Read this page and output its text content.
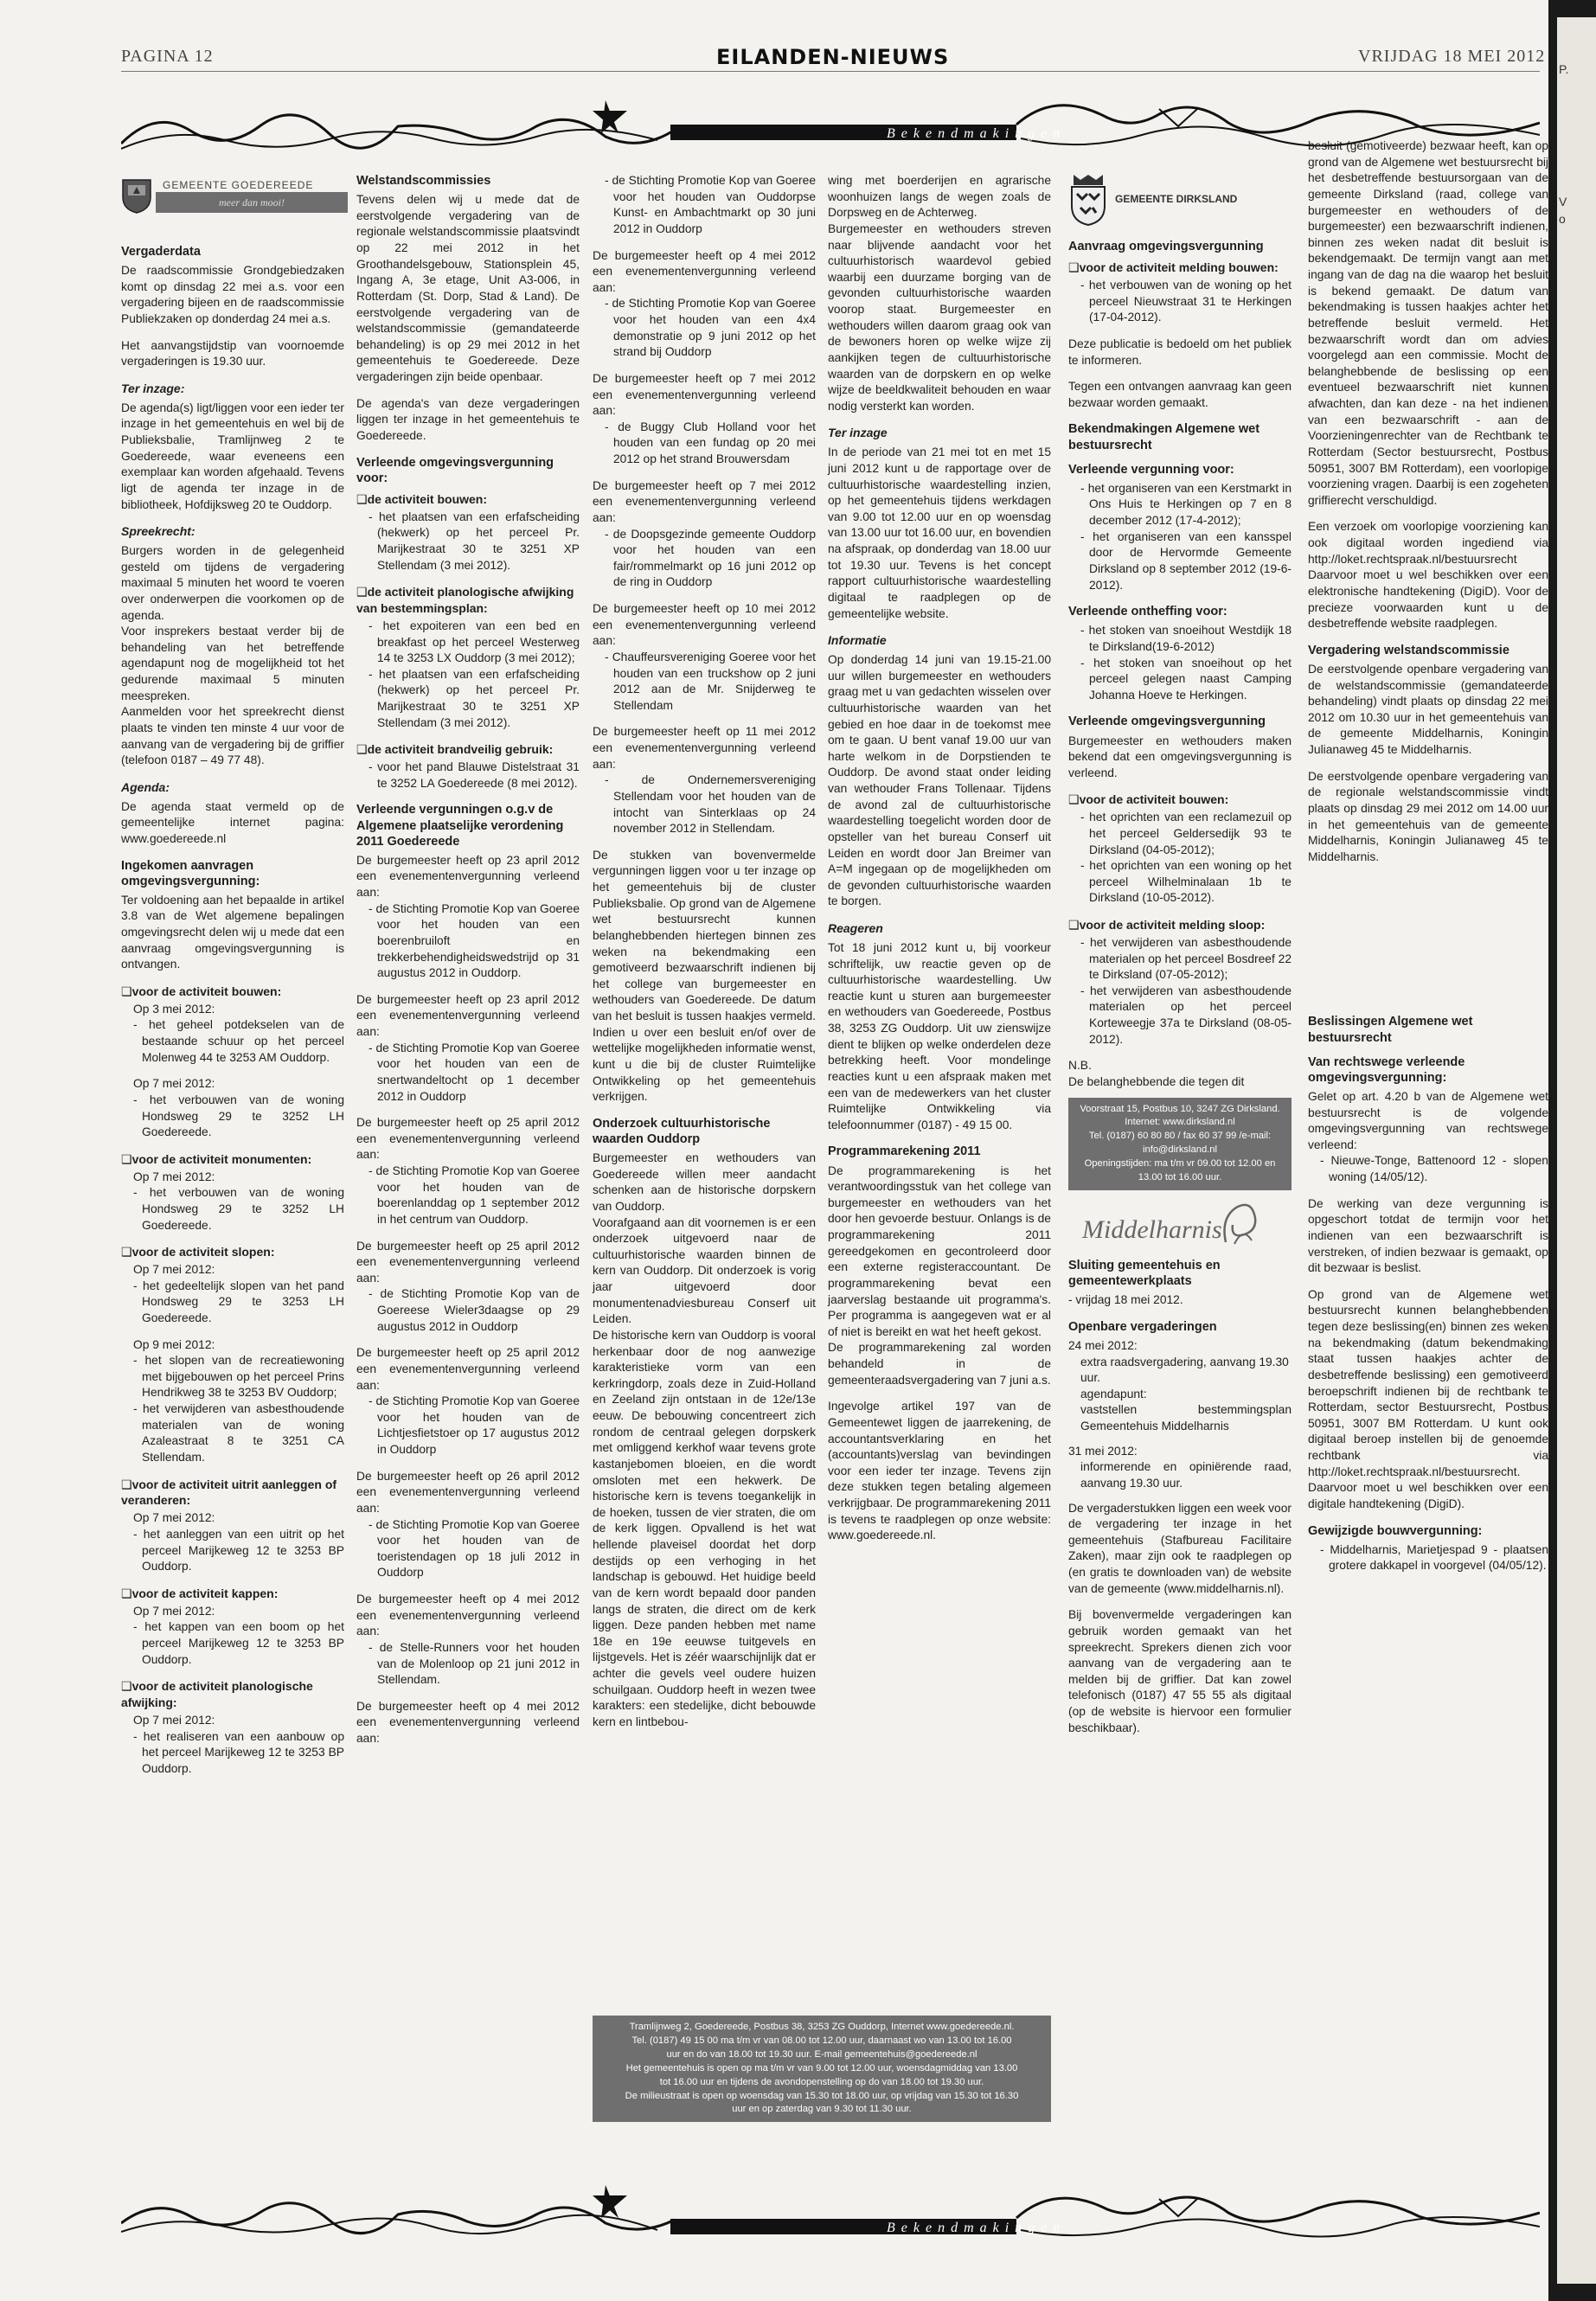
PAGINA 12	EILANDEN-NIEUWS	VRIJDAG 18 MEI 2012
Bekendmakingen
GEMEENTE GOEDEREEDE
meer dan mooi!
Vergaderdata

De raadscommissie Grondgebiedzaken komt op dinsdag 22 mei a.s. voor een vergadering bijeen en de raadscommissie Publiekzaken op donderdag 24 mei a.s.

Het aanvangstijdstip van voornoemde vergaderingen is 19.30 uur.

Ter inzage:

De agenda(s) ligt/liggen voor een ieder ter inzage in het gemeentehuis en wel bij de Publieksbalie, Tramlijnweg 2 te Goedereede, waar eveneens een exemplaar kan worden afgehaald. Tevens ligt de agenda ter inzage in de bibliotheek, Hofdijksweg 20 te Ouddorp.

Spreekrecht:

Burgers worden in de gelegenheid gesteld om tijdens de vergadering maximaal 5 minuten het woord te voeren over onderwerpen die voorkomen op de agenda.

Voor insprekers bestaat verder bij de behandeling van het betreffende agendapunt nog de mogelijkheid tot het gedurende maximaal 5 minuten meespreken.

Aanmelden voor het spreekrecht dienst plaats te vinden ten minste 4 uur voor de aanvang van de vergadering bij de griffier (telefoon 0187 – 49 77 48).

Agenda:

De agenda staat vermeld op de gemeentelijke internet pagina: www.goedereede.nl

Ingekomen aanvragen omgevingsvergunning:

Ter voldoening aan het bepaalde in artikel 3.8 van de Wet algemene bepalingen omgevingsrecht delen wij u mede dat een aanvraag omgevingsvergunning is ontvangen.

❑ voor de activiteit bouwen:
Op 3 mei 2012:

- het geheel potdekselen van de bestaande schuur op het perceel Molenweg 44 te 3253 AM Ouddorp.

Op 7 mei 2012:

- het verbouwen van de woning Hondsweg 29 te 3252 LH Goedereede.

❑ voor de activiteit monumenten:
Op 7 mei 2012:

- het verbouwen van de woning Hondsweg 29 te 3252 LH Goedereede.

❑ voor de activiteit slopen:
Op 7 mei 2012:

- het gedeeltelijk slopen van het pand Hondsweg 29 te 3253 LH Goedereede.

Op 9 mei 2012:

- het slopen van de recreatiewoning met bijgebouwen op het perceel Prins Hendrikweg 38 te 3253 BV Ouddorp;

- het verwijderen van asbesthoudende materialen van de woning Azaleastraat 8 te 3251 CA Stellendam.

❑ voor de activiteit uitrit aanleggen of veranderen:
Op 7 mei 2012:

- het aanleggen van een uitrit op het perceel Marijkeweg 12 te 3253 BP Ouddorp.

❑ voor de activiteit kappen:
Op 7 mei 2012:

- het kappen van een boom op het perceel Marijkeweg 12 te 3253 BP Ouddorp.

❑ voor de activiteit planologische afwijking:
Op 7 mei 2012:

- het realiseren van een aanbouw op het perceel Marijkeweg 12 te 3253 BP Ouddorp.

Welstandscommissies

Tevens delen wij u mede dat de eerstvolgende vergadering van de regionale welstandscommissie plaatsvindt op 22 mei 2012 in het Groothandelsgebouw, Stationsplein 45, Ingang A, 3e etage, Unit A3-006, in Rotterdam (St. Dorp, Stad & Land). De eerstvolgende vergadering van de welstandscommissie (gemandateerde behandeling) is op 29 mei 2012 in het gemeentehuis te Goedereede. Deze vergaderingen zijn beide openbaar.

De agenda's van deze vergaderingen liggen ter inzage in het gemeentehuis te Goedereede.

Verleende omgevingsvergunning voor:
❑ de activiteit bouwen:

- het plaatsen van een erfafscheiding (hekwerk) op het perceel Pr. Marijkestraat 30 te 3251 XP Stellendam (3 mei 2012).

❑ de activiteit planologische afwijking van bestemmingsplan:

- het expoiteren van een bed en breakfast op het perceel Westerweg 14 te 3253 LX Ouddorp (3 mei 2012);

- het plaatsen van een erfafscheiding (hekwerk) op het perceel Pr. Marijkestraat 30 te 3251 XP Stellendam (3 mei 2012).

❑ de activiteit brandveilig gebruik:

- voor het pand Blauwe Distelstraat 31 te 3252 LA Goedereede (8 mei 2012).

Verleende vergunningen o.g.v de Algemene plaatselijke verordening 2011 Goedereede

De burgemeester heeft op 23 april 2012 een evenementenvergunning verleend aan:

- de Stichting Promotie Kop van Goeree voor het houden van een boerenbruiloft en trekkerbehendigheidswedstrijd op 31 augustus 2012 in Ouddorp.

De burgemeester heeft op 23 april 2012 een evenementenvergunning verleend aan:

- de Stichting Promotie Kop van Goeree voor het houden van een de snertwandeltocht op 1 december 2012 in Ouddorp

De burgemeester heeft op 25 april 2012 een evenementenvergunning verleend aan:

- de Stichting Promotie Kop van Goeree voor het houden van de boerenlanddag op 1 september 2012 in het centrum van Ouddorp.

De burgemeester heeft op 25 april 2012 een evenementenvergunning verleend aan:

- de Stichting Promotie Kop van de Goereese Wieler3daagse op 29 augustus 2012 in Ouddorp

De burgemeester heeft op 25 april 2012 een evenementenvergunning verleend aan:

- de Stichting Promotie Kop van Goeree voor het houden van de Lichtjesfietstoer op 17 augustus 2012 in Ouddorp

De burgemeester heeft op 26 april 2012 een evenementenvergunning verleend aan:

- de Stichting Promotie Kop van Goeree voor het houden van de toeristendagen op 18 juli 2012 in Ouddorp

De burgemeester heeft op 4 mei 2012 een evenementenvergunning verleend aan:

- de Stelle-Runners voor het houden van de Molenloop op 21 juni 2012 in Stellendam.

De burgemeester heeft op 4 mei 2012 een evenementenvergunning verleend aan:

- de Stichting Promotie Kop van Goeree voor het houden van Ouddorpse Kunst- en Ambachtmarkt op 30 juni 2012 in Ouddorp

De burgemeester heeft op 4 mei 2012 een evenementenvergunning verleend aan:

- de Stichting Promotie Kop van Goeree voor het houden van een 4x4 demonstratie op 9 juni 2012 op het strand bij Ouddorp

De burgemeester heeft op 7 mei 2012 een evenementenvergunning verleend aan:

- de Buggy Club Holland voor het houden van een fundag op 20 mei 2012 op het strand Brouwersdam

De burgemeester heeft op 7 mei 2012 een evenementenvergunning verleend aan:

- de Doopsgezinde gemeente Ouddorp voor het houden van een fair/rommelmarkt op 16 juni 2012 op de ring in Ouddorp

De burgemeester heeft op 10 mei 2012 een evenementenvergunning verleend aan:

- Chauffeursvereniging Goeree voor het houden van een truckshow op 2 juni 2012 aan de Mr. Snijderweg te Stellendam

De burgemeester heeft op 11 mei 2012 een evenementenvergunning verleend aan:

- de Ondernemersvereniging Stellendam voor het houden van de intocht van Sinterklaas op 24 november 2012 in Stellendam.

De stukken van bovenvermelde vergunningen liggen voor u ter inzage op het gemeentehuis bij de cluster Publieksbalie. Op grond van de Algemene wet bestuursrecht kunnen belanghebbenden hiertegen binnen zes weken na bekendmaking een gemotiveerd bezwaarschrift indienen bij het college van burgemeester en wethouders van Goedereede. De datum van het besluit is tussen haakjes vermeld. Indien u over een besluit en/of over de wettelijke mogelijkheden informatie wenst, kunt u die bij de cluster Ruimtelijke Ontwikkeling op het gemeentehuis verkrijgen.

Onderzoek cultuurhistorische waarden Ouddorp

Burgemeester en wethouders van Goedereede willen meer aandacht schenken aan de historische dorpskern van Ouddorp.

Voorafgaand aan dit voornemen is er een onderzoek uitgevoerd naar de cultuurhistorische waarden binnen de kern van Ouddorp. Dit onderzoek is vorig jaar uitgevoerd door monumentenadviesbureau Conserf uit Leiden.

De historische kern van Ouddorp is vooral herkenbaar door de nog aanwezige karakteristieke vorm van een kerkringdorp, zoals deze in Zuid-Holland en Zeeland zijn ontstaan in de 12e/13e eeuw. De bebouwing concentreert zich rondom de centraal gelegen dorpskerk met omliggend kerkhof waar tevens grote kastanjebomen bloeien, en die wordt omsloten met een hekwerk. De historische kern is tevens toegankelijk in de hoeken, tussen de vier straten, die om de kerk liggen. Opvallend is het wat hellende plaveisel doordat het dorp destijds op een verhoging in het landschap is gebouwd. Het huidige beeld van de kern wordt bepaald door panden langs de straten, die direct om de kerk liggen. Deze panden hebben met name 18e en 19e eeuwse tuitgevels en lijstgevels. Het is zéér waarschijnlijk dat er achter die gevels veel oudere huizen schuilgaan. Ouddorp heeft in wezen twee karakters: een stedelijke, dicht bebouwde kern en lintbebou-

wing met boerderijen en agrarische woonhuizen langs de wegen zoals de Dorpsweg en de Achterweg.

Burgemeester en wethouders streven naar blijvende aandacht voor het cultuurhistorisch waardevol gebied waarbij een duurzame borging van de gevonden cultuurhistorische waarden voorop staat. Burgemeester en wethouders willen daarom graag ook van de bewoners horen op welke wijze zij aankijken tegen de cultuurhistorische waarden van de dorpskern en op welke wijze de beeldkwaliteit behouden en waar nodig versterkt kan worden.

Ter inzage

In de periode van 21 mei tot en met 15 juni 2012 kunt u de rapportage over de cultuurhistorische waardestelling inzien, op het gemeentehuis tijdens werkdagen van 9.00 tot 12.00 uur en op woensdag van 13.00 uur tot 16.00 uur, en bovendien na afspraak, op donderdag van 18.00 uur tot 19.30 uur. Tevens is het concept rapport cultuurhistorische waardestelling digitaal te raadplegen op de gemeentelijke website.

Informatie

Op donderdag 14 juni van 19.15-21.00 uur willen burgemeester en wethouders graag met u van gedachten wisselen over cultuurhistorische waarden van het gebied en hoe daar in de toekomst mee om te gaan. U bent vanaf 19.00 uur van harte welkom in de Dorpstienden te Ouddorp. De avond staat onder leiding van wethouder Frans Tollenaar. Tijdens de avond zal de cultuurhistorische waardestelling toegelicht worden door de opsteller van het bureau Conserf uit Leiden en wordt door Jan Breimer van A=M ingegaan op de mogelijkheden om de gevonden cultuurhistorische waarden te borgen.

Reageren

Tot 18 juni 2012 kunt u, bij voorkeur schriftelijk, uw reactie geven op de cultuurhistorische waardestelling. Uw reactie kunt u sturen aan burgemeester en wethouders van Goedereede, Postbus 38, 3253 ZG Ouddorp. Uit uw zienswijze dient te blijken op welke onderdelen deze betrekking heeft. Voor mondelinge reacties kunt u een afspraak maken met een van de medewerkers van het cluster Ruimtelijke Ontwikkeling via telefoonnummer (0187) - 49 15 00.

Programmarekening 2011

De programmarekening is het verantwoordingsstuk van het college van burgemeester en wethouders van het door hen gevoerde bestuur. Onlangs is de programmarekening 2011 gereedgekomen en gecontroleerd door een externe registeraccountant. De programmarekening bevat een jaarverslag bestaande uit programma's. Per programma is aangegeven wat er al of niet is bereikt en wat het heeft gekost.

De programmarekening zal worden behandeld in de gemeenteraadsvergadering van 7 juni a.s.

Ingevolge artikel 197 van de Gemeentewet liggen de jaarrekening, de accountantsverklaring en het (accountants)verslag van bevindingen voor een ieder ter inzage. Tevens zijn deze stukken tegen betaling algemeen verkrijgbaar. De programmarekening 2011 is tevens te raadplegen op onze website: www.goedereede.nl.

Tramlijnweg 2, Goedereede, Postbus 38, 3253 ZG Ouddorp, Internet www.goedereede.nl.
Tel. (0187) 49 15 00 ma t/m vr van 08.00 tot 12.00 uur, daarnaast wo van 13.00 tot 16.00
uur en do van 18.00 tot 19.30 uur. E-mail gemeentehuis@goedereede.nl
Het gemeentehuis is open op ma t/m vr van 9.00 tot 12.00 uur, woensdagmiddag van 13.00
tot 16.00 uur en tijdens de avondopenstelling op do van 18.00 tot 19.30 uur.
De milieustraat is open op woensdag van 15.30 tot 18.00 uur, op vrijdag van 15.30 tot 16.30
uur en op zaterdag van 9.30 tot 11.30 uur.
GEMEENTE DIRKSLAND
Aanvraag omgevingsvergunning
❑ voor de activiteit melding bouwen:

- het verbouwen van de woning op het perceel Nieuwstraat 31 te Herkingen (17-04-2012).

Deze publicatie is bedoeld om het publiek te informeren.

Tegen een ontvangen aanvraag kan geen bezwaar worden gemaakt.

Bekendmakingen Algemene wet bestuursrecht
Verleende vergunning voor:

- het organiseren van een Kerstmarkt in Ons Huis te Herkingen op 7 en 8 december 2012 (17-4-2012);

- het organiseren van een kansspel door de Hervormde Gemeente Dirksland op 8 september 2012 (19-6-2012).

Verleende ontheffing voor:

- het stoken van snoeihout Westdijk 18 te Dirksland(19-6-2012)

- het stoken van snoeihout op het perceel gelegen naast Camping Johanna Hoeve te Herkingen.

Verleende omgevingsvergunning

Burgemeester en wethouders maken bekend dat een omgevingsvergunning is verleend.

❑ voor de activiteit bouwen:

- het oprichten van een reclamezuil op het perceel Geldersedijk 93 te Dirksland (04-05-2012);

- het oprichten van een woning op het perceel Wilhelminalaan 1b te Dirksland (10-05-2012).

❑ voor de activiteit melding sloop:

- het verwijderen van asbesthoudende materialen op het perceel Bosdreef 22 te Dirksland (07-05-2012);

- het verwijderen van asbesthoudende materialen op het perceel Korteweegje 37a te Dirksland (08-05-2012).

N.B.
De belanghebbende die tegen dit
Voorstraat 15, Postbus 10, 3247 ZG Dirksland. Internet: www.dirksland.nl
Tel. (0187) 60 80 80 / fax 60 37 99 /e-mail: info@dirksland.nl
Openingstijden: ma t/m vr 09.00 tot 12.00 en 13.00 tot 16.00 uur.
Middelharnis
Sluiting gemeentehuis en gemeentewerkplaats

- vrijdag 18 mei 2012.

Openbare vergaderingen
24 mei 2012:
extra raadsvergadering, aanvang 19.30 uur.
agendapunt:

vaststellen bestemmingsplan Gemeentehuis Middelharnis

31 mei 2012:

informerende en opiniërende raad, aanvang 19.30 uur.

De vergaderstukken liggen een week voor de vergadering ter inzage in het gemeentehuis (Stafbureau Facilitaire Zaken), maar zijn ook te raadplegen op (en gratis te downloaden van) de website van de gemeente (www.middelharnis.nl).

Bij bovenvermelde vergaderingen kan gebruik worden gemaakt van het spreekrecht. Sprekers dienen zich voor aanvang van de vergadering aan te melden bij de griffier. Dat kan zowel telefonisch (0187) 47 55 55 als digitaal (op de website is hiervoor een formulier beschikbaar).

besluit (gemotiveerde) bezwaar heeft, kan op grond van de Algemene wet bestuursrecht bij het desbetreffende bestuursorgaan van de gemeente Dirksland (raad, college van burgemeester en wethouders of de burgemeester) een bezwaarschrift indienen, binnen zes weken nadat dit besluit is bekendgemaakt. De termijn vangt aan met ingang van de dag na die waarop het besluit is bekend gemaakt. De datum van bekendmaking is tussen haakjes achter het betreffende besluit vermeld. Het bezwaarschrift wordt dan om advies voorgelegd aan een commissie. Mocht de belanghebbende de beslissing op een eventueel bezwaarschrift niet kunnen afwachten, dan kan deze - na het indienen van een bezwaarschrift - aan de Voorzieningenrechter van de Rechtbank te Rotterdam (Sector bestuursrecht, Postbus 50951, 3007 BM Rotterdam), een voorlopige voorziening vragen. Daarbij is een zogeheten griffierecht verschuldigd.

Een verzoek om voorlopige voorziening kan ook digitaal worden ingediend via http://loket.rechtspraak.nl/bestuursrecht Daarvoor moet u wel beschikken over een elektronische handtekening (DigiD). Voor de precieze voorwaarden kunt u de desbetreffende website raadplegen.

Vergadering welstandscommissie

De eerstvolgende openbare vergadering van de welstandscommissie (gemandateerde behandeling) vindt plaats op dinsdag 22 mei 2012 om 10.30 uur in het gemeentehuis van de gemeente Middelharnis, Koningin Julianaweg 45 te Middelharnis.

De eerstvolgende openbare vergadering van de regionale welstandscommissie vindt plaats op dinsdag 29 mei 2012 om 14.00 uur in het gemeentehuis van de gemeente Middelharnis, Koningin Julianaweg 45 te Middelharnis.

Beslissingen Algemene wet bestuursrecht
Van rechtswege verleende omgevingsvergunning:

Gelet op art. 4.20 b van de Algemene wet bestuursrecht is de volgende omgevingsvergunning van rechtswege verleend:

- Nieuwe-Tonge, Battenoord 12 - slopen woning (14/05/12).

De werking van deze vergunning is opgeschort totdat de termijn voor het indienen van een bezwaarschrift is verstreken, of indien bezwaar is gemaakt, op dit bezwaar is beslist.

Op grond van de Algemene wet bestuursrecht kunnen belanghebbenden tegen deze beslissing(en) binnen zes weken na bekendmaking (datum bekendmaking staat tussen haakjes achter de desbetreffende beslissing) een gemotiveerd beroepschrift indienen bij de rechtbank te Rotterdam, sector Bestuursrecht, Postbus 50951, 3007 BM Rotterdam. U kunt ook digitaal beroep instellen bij de genoemde rechtbank via http://loket.rechtspraak.nl/bestuursrecht. Daarvoor moet u wel beschikken over een digitale handtekening (DigiD).

Gewijzigde bouwvergunning:

- Middelharnis, Marietjespad 9 - plaatsen grotere dakkapel in voorgevel (04/05/12).

Bekendmakingen
P.
V
o
